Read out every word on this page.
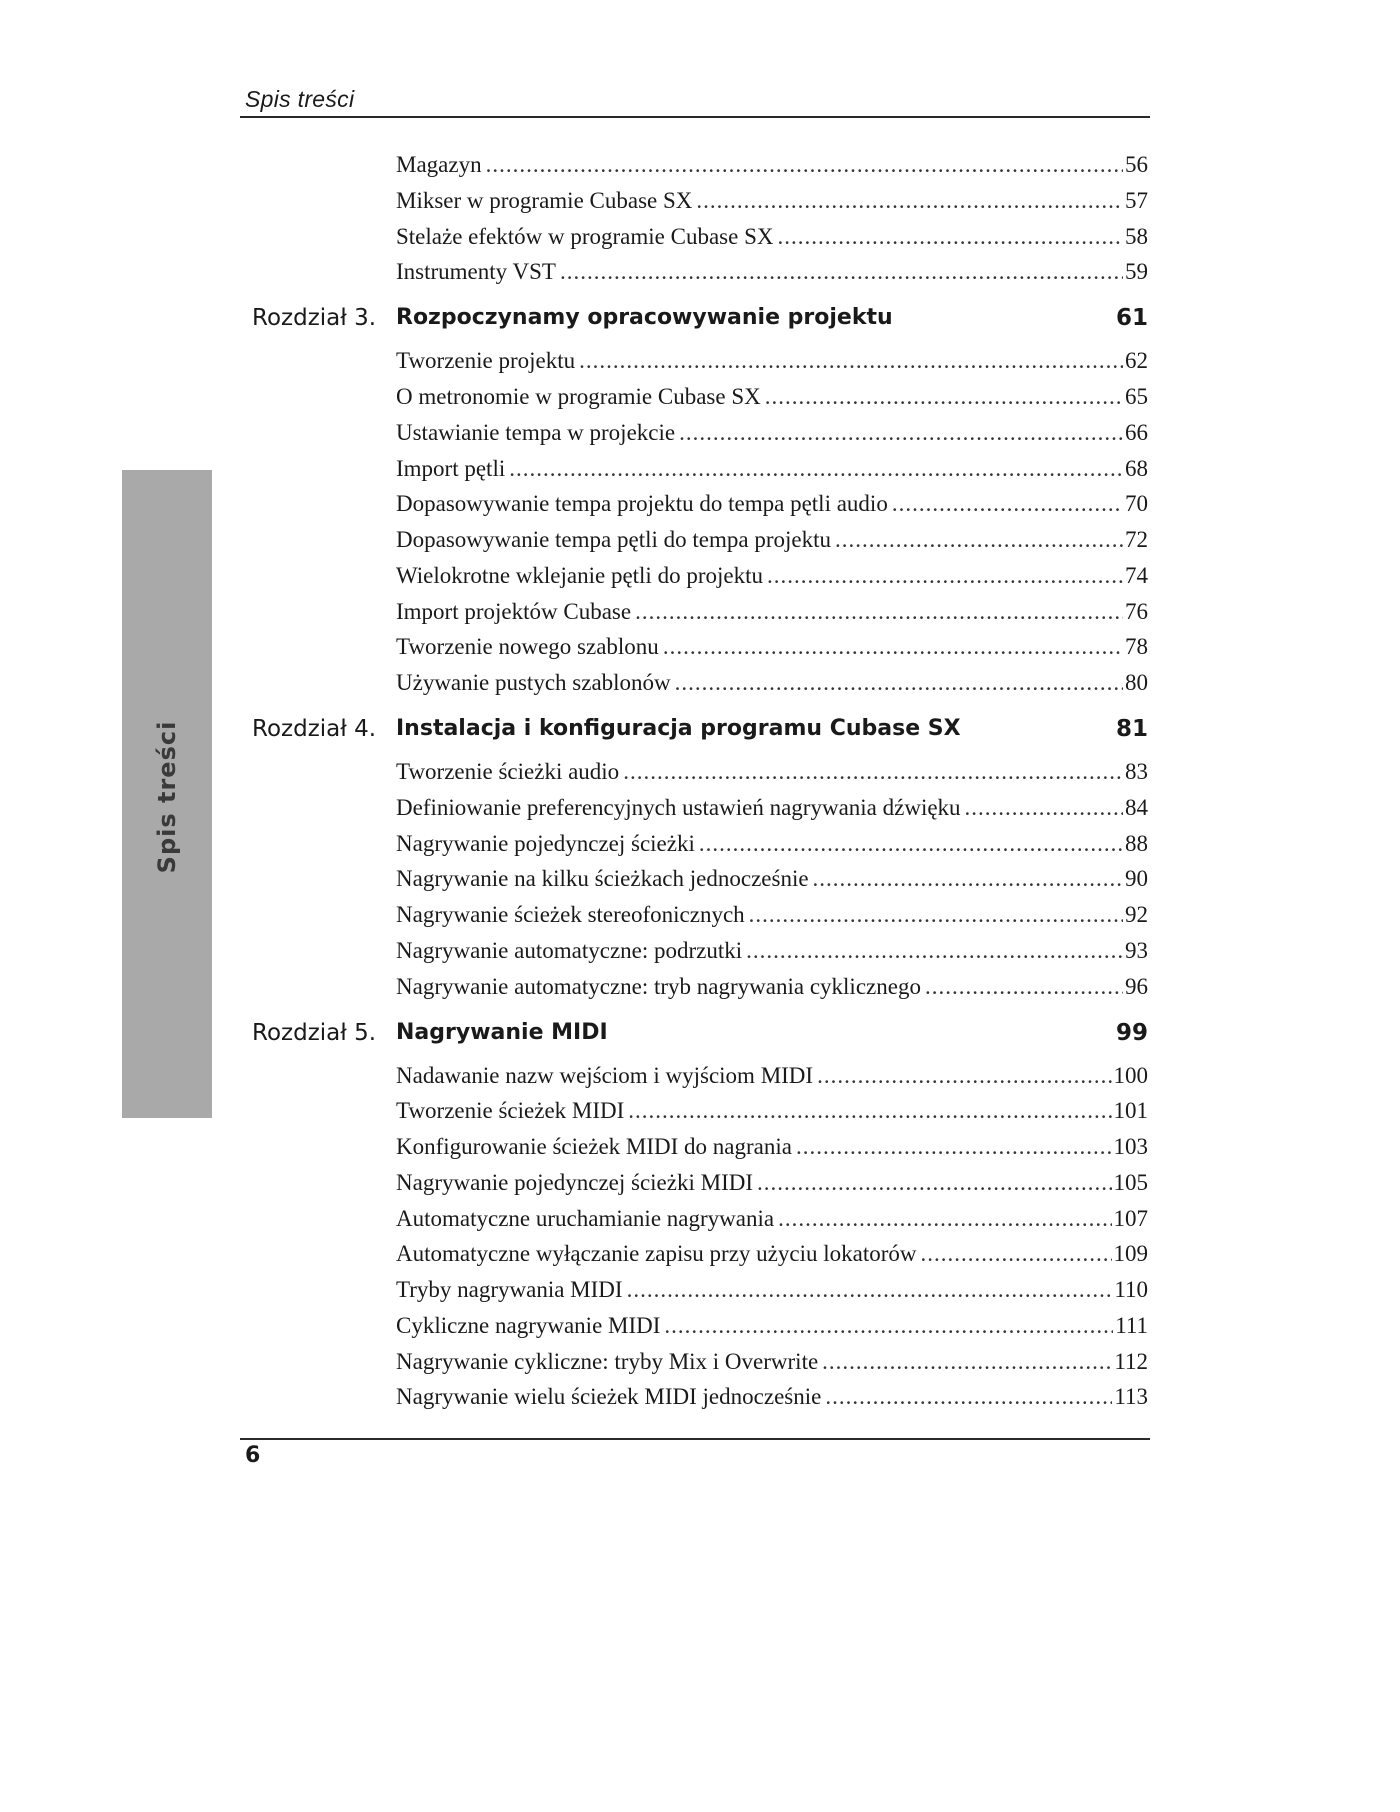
Spis treści
Spis treści
Magazyn .....	56
Mikser w programie Cubase SX .....	57
Stelaże efektów w programie Cubase SX .....	58
Instrumenty VST .....	59
Rozdział 3. Rozpoczynamy opracowywanie projektu	61
Tworzenie projektu .....	62
O metronomie w programie Cubase SX .....	65
Ustawianie tempa w projekcie .....	66
Import pętli .....	68
Dopasowywanie tempa projektu do tempa pętli audio .....	70
Dopasowywanie tempa pętli do tempa projektu .....	72
Wielokrotne wklejanie pętli do projektu .....	74
Import projektów Cubase .....	76
Tworzenie nowego szablonu .....	78
Używanie pustych szablonów .....	80
Rozdział 4. Instalacja i konfiguracja programu Cubase SX	81
Tworzenie ścieżki audio .....	83
Definiowanie preferencyjnych ustawień nagrywania dźwięku .....	84
Nagrywanie pojedynczej ścieżki .....	88
Nagrywanie na kilku ścieżkach jednocześnie .....	90
Nagrywanie ścieżek stereofonicznych .....	92
Nagrywanie automatyczne: podrzutki .....	93
Nagrywanie automatyczne: tryb nagrywania cyklicznego .....	96
Rozdział 5. Nagrywanie MIDI	99
Nadawanie nazw wejściom i wyjściom MIDI .....	100
Tworzenie ścieżek MIDI .....	101
Konfigurowanie ścieżek MIDI do nagrania .....	103
Nagrywanie pojedynczej ścieżki MIDI .....	105
Automatyczne uruchamianie nagrywania .....	107
Automatyczne wyłączanie zapisu przy użyciu lokatorów .....	109
Tryby nagrywania MIDI .....	110
Cykliczne nagrywanie MIDI .....	111
Nagrywanie cykliczne: tryby Mix i Overwrite .....	112
Nagrywanie wielu ścieżek MIDI jednocześnie .....	113
6
